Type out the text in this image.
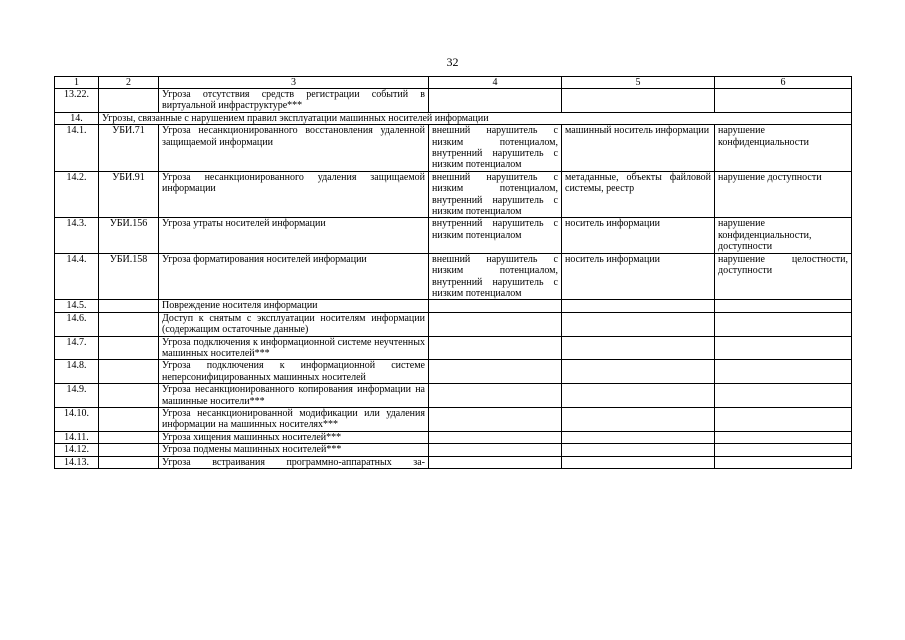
32
1	2	3	4	5	6
13.22.		Угроза отсутствия средств регистрации событий в виртуальной инфраструктуре***			
14.	Угрозы, связанные с нарушением правил эксплуатации машинных носителей информации				
14.1.	УБИ.71	Угроза несанкционированного восстановления удаленной защищаемой информации	внешний нарушитель с низким потенциалом, внутренний нарушитель с низким потенциалом	машинный носитель информации	нарушение конфиденциальности
14.2.	УБИ.91	Угроза несанкционированного удаления защищаемой информации	внешний нарушитель с низким потенциалом, внутренний нарушитель с низким потенциалом	метаданные, объекты файловой системы, реестр	нарушение доступности
14.3.	УБИ.156	Угроза утраты носителей информации	внутренний нарушитель с низким потенциалом	носитель информации	нарушение конфиденциальности, доступности
14.4.	УБИ.158	Угроза форматирования носителей информации	внешний нарушитель с низким потенциалом, внутренний нарушитель с низким потенциалом	носитель информации	нарушение целостности, доступности
14.5.		Повреждение носителя информации			
14.6.		Доступ к снятым с эксплуатации носителям информации (содержащим остаточные данные)			
14.7.		Угроза подключения к информационной системе неучтенных машинных носителей***			
14.8.		Угроза подключения к информационной системе неперсонифицированных машинных носителей			
14.9.		Угроза несанкционированного копирования информации на машинные носители***			
14.10.		Угроза несанкционированной модификации или удаления информации на машинных носителях***			
14.11.		Угроза хищения машинных носителей***			
14.12.		Угроза подмены машинных носителей***			
14.13.		Угроза встраивания программно-аппаратных за-			
